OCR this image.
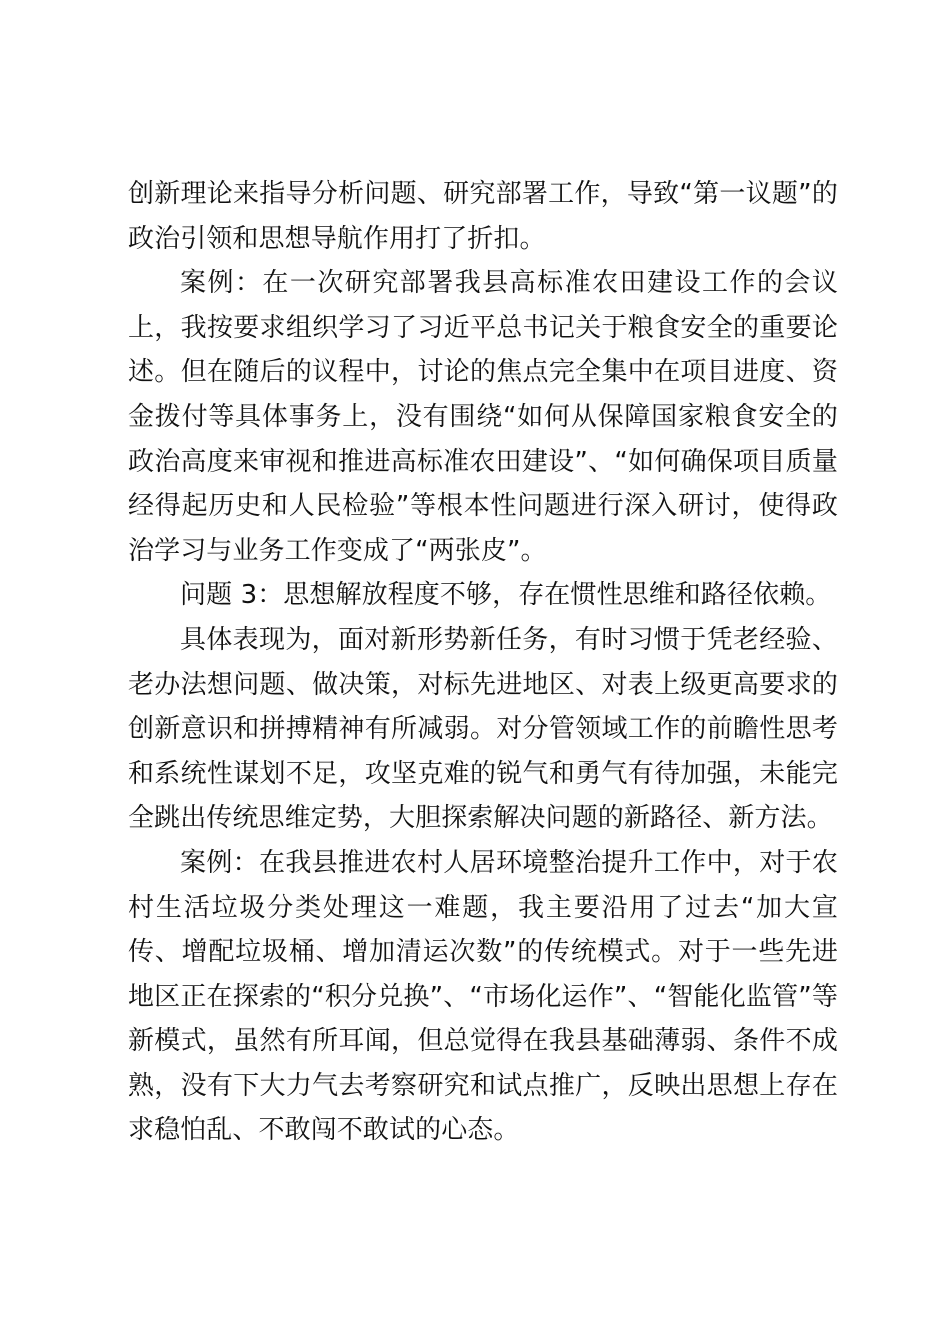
创新理论来指导分析问题、研究部署工作，导致“第一议题”的政治引领和思想导航作用打了折扣。

案例：在一次研究部署我县高标准农田建设工作的会议上，我按要求组织学习了习近平总书记关于粮食安全的重要论述。但在随后的议程中，讨论的焦点完全集中在项目进度、资金拨付等具体事务上，没有围绕“如何从保障国家粮食安全的政治高度来审视和推进高标准农田建设”、“如何确保项目质量经得起历史和人民检验”等根本性问题进行深入研讨，使得政治学习与业务工作变成了“两张皮”。

问题 3：思想解放程度不够，存在惯性思维和路径依赖。

具体表现为，面对新形势新任务，有时习惯于凭老经验、老办法想问题、做决策，对标先进地区、对表上级更高要求的创新意识和拼搏精神有所减弱。对分管领域工作的前瞻性思考和系统性谋划不足，攻坚克难的锐气和勇气有待加强，未能完全跳出传统思维定势，大胆探索解决问题的新路径、新方法。

案例：在我县推进农村人居环境整治提升工作中，对于农村生活垃圾分类处理这一难题，我主要沿用了过去“加大宣传、增配垃圾桶、增加清运次数”的传统模式。对于一些先进地区正在探索的“积分兑换”、“市场化运作”、“智能化监管”等新模式，虽然有所耳闻，但总觉得在我县基础薄弱、条件不成熟，没有下大力气去考察研究和试点推广，反映出思想上存在求稳怕乱、不敢闯不敢试的心态。
